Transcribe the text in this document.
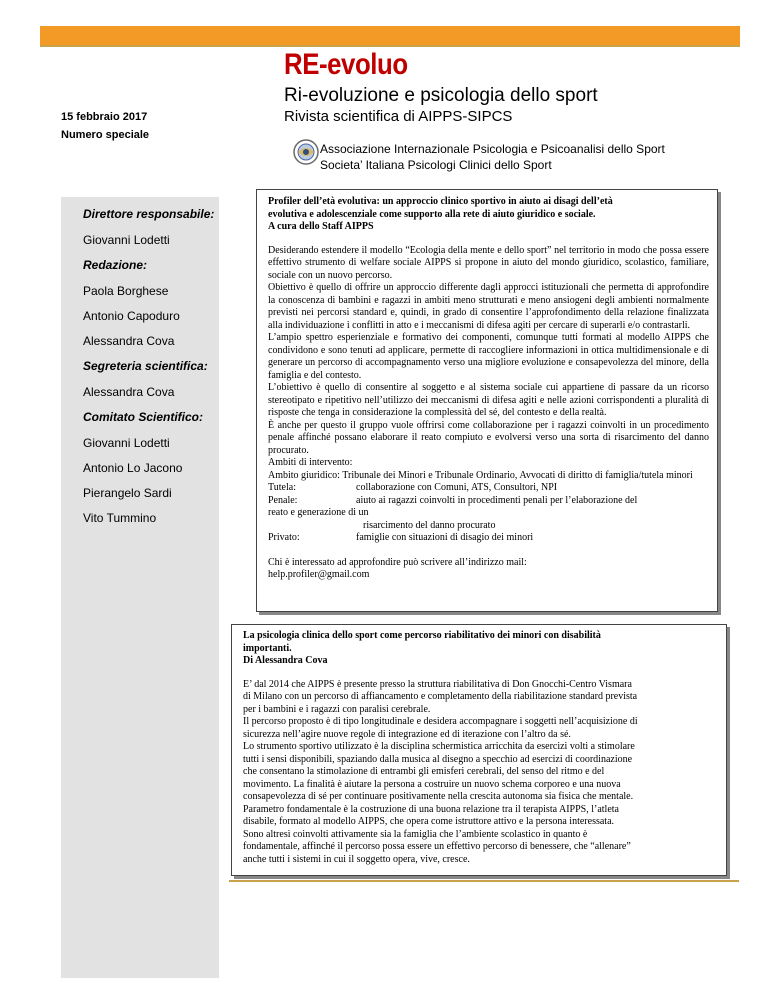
RE-evoluo
Ri-evoluzione e psicologia dello sport
Rivista scientifica di AIPPS-SIPCS
15 febbraio 2017
Numero speciale
Associazione Internazionale Psicologia e Psicoanalisi dello Sport
Societa’ Italiana Psicologi Clinici dello Sport
Direttore responsabile:
Giovanni Lodetti
Redazione:
Paola Borghese
Antonio Capoduro
Alessandra Cova
Segreteria scientifica:
Alessandra Cova
Comitato Scientifico:
Giovanni Lodetti
Antonio Lo Jacono
Pierangelo Sardi
Vito Tummino
Profiler dell’età evolutiva: un approccio clinico sportivo in aiuto ai disagi dell’età
evolutiva e adolescenziale come supporto alla rete di aiuto giuridico e sociale.
A cura dello Staff AIPPS

Desiderando estendere il modello “Ecologia della mente e dello sport” nel territorio in modo che possa essere effettivo strumento di welfare sociale AIPPS si propone in aiuto del mondo giuridico, scolastico, familiare, sociale con un nuovo percorso.

Obiettivo è quello di offrire un approccio differente dagli approcci istituzionali che permetta di approfondire la conoscenza di bambini e ragazzi in ambiti meno strutturati e meno ansiogeni degli ambienti normalmente previsti nei percorsi standard e, quindi, in grado di consentire l’approfondimento della relazione finalizzata alla individuazione i conflitti in atto e i meccanismi di difesa agiti per cercare di superarli e/o contrastarli.

L’ampio spettro esperienziale e formativo dei componenti, comunque tutti formati al modello AIPPS che condividono e sono tenuti ad applicare, permette di raccogliere informazioni in ottica multidimensionale e di generare un percorso di accompagnamento verso una migliore evoluzione e consapevolezza del minore, della famiglia e del contesto.

L’obiettivo è quello di consentire al soggetto e al sistema sociale cui appartiene di passare da un ricorso stereotipato e ripetitivo nell’utilizzo dei meccanismi di difesa agiti e nelle azioni corrispondenti a pluralità di risposte che tenga in considerazione la complessità del sé, del contesto e della realtà.

È anche per questo il gruppo vuole offrirsi come collaborazione per i ragazzi coinvolti in un procedimento penale affinché possano elaborare il reato compiuto e evolversi verso una sorta di risarcimento del danno procurato.

Ambiti di intervento:

Ambito giuridico: Tribunale dei Minori e Tribunale Ordinario, Avvocati di diritto di famiglia/tutela minori

Tutela:	collaborazione con Comuni, ATS, Consultori, NPI
Penale:	aiuto ai ragazzi coinvolti in procedimenti penali per l’elaborazione del
reato e generazione di un
risarcimento del danno procurato
Privato:	famiglie con situazioni di disagio dei minori
Chi è interessato ad approfondire può scrivere all’indirizzo mail:
help.profiler@gmail.com
La psicologia clinica dello sport come percorso riabilitativo dei minori con disabilità
importanti.
Di Alessandra Cova

E’ dal 2014 che AIPPS è presente presso la struttura riabilitativa di Don Gnocchi-Centro Vismara

di Milano con un percorso di affiancamento e completamento della riabilitazione standard prevista

per i bambini e i ragazzi con paralisi cerebrale.

Il percorso proposto è di tipo longitudinale e desidera accompagnare i soggetti nell’acquisizione di

sicurezza nell’agire nuove regole di integrazione ed di iterazione con l’altro da sé.

Lo strumento sportivo utilizzato è la disciplina schermistica arricchita da esercizi volti a stimolare

tutti i sensi disponibili, spaziando dalla musica al disegno a specchio ad esercizi di coordinazione

che consentano la stimolazione di entrambi gli emisferi cerebrali, del senso del ritmo e del

movimento. La finalità è aiutare la persona a costruire un nuovo schema corporeo e una nuova

consapevolezza di sé per continuare positivamente nella crescita autonoma sia fisica che mentale.

Parametro fondamentale è la costruzione di una buona relazione tra il terapista AIPPS, l’atleta

disabile, formato al modello AIPPS, che opera come istruttore attivo e la persona interessata.

Sono altresì coinvolti attivamente sia la famiglia che l’ambiente scolastico in quanto è

fondamentale, affinché il percorso possa essere un effettivo percorso di benessere, che “allenare”

anche tutti i sistemi in cui il soggetto opera, vive, cresce.
